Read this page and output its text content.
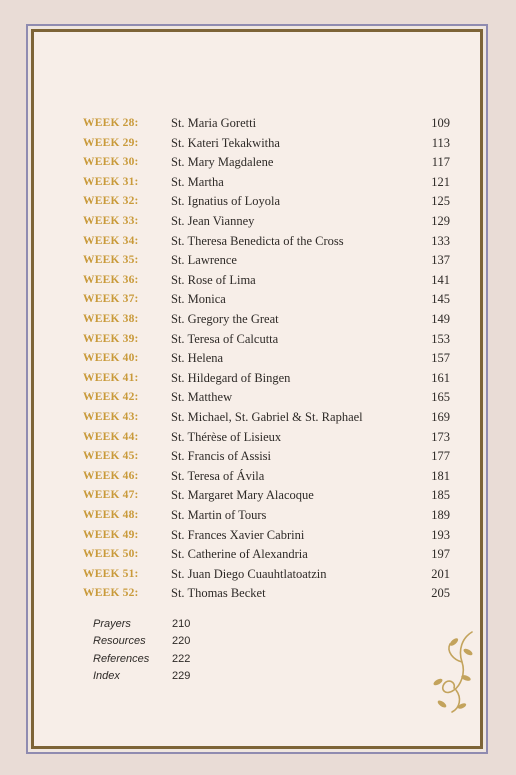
WEEK 28:	St. Maria Goretti	109
WEEK 29:	St. Kateri Tekakwitha	113
WEEK 30:	St. Mary Magdalene	117
WEEK 31:	St. Martha	121
WEEK 32:	St. Ignatius of Loyola	125
WEEK 33:	St. Jean Vianney	129
WEEK 34:	St. Theresa Benedicta of the Cross	133
WEEK 35:	St. Lawrence	137
WEEK 36:	St. Rose of Lima	141
WEEK 37:	St. Monica	145
WEEK 38:	St. Gregory the Great	149
WEEK 39:	St. Teresa of Calcutta	153
WEEK 40:	St. Helena	157
WEEK 41:	St. Hildegard of Bingen	161
WEEK 42:	St. Matthew	165
WEEK 43:	St. Michael, St. Gabriel & St. Raphael	169
WEEK 44:	St. Thérèse of Lisieux	173
WEEK 45:	St. Francis of Assisi	177
WEEK 46:	St. Teresa of Ávila	181
WEEK 47:	St. Margaret Mary Alacoque	185
WEEK 48:	St. Martin of Tours	189
WEEK 49:	St. Frances Xavier Cabrini	193
WEEK 50:	St. Catherine of Alexandria	197
WEEK 51:	St. Juan Diego Cuauhtlatoatzin	201
WEEK 52:	St. Thomas Becket	205
Prayers	210
Resources 220
References 222
Index	229
